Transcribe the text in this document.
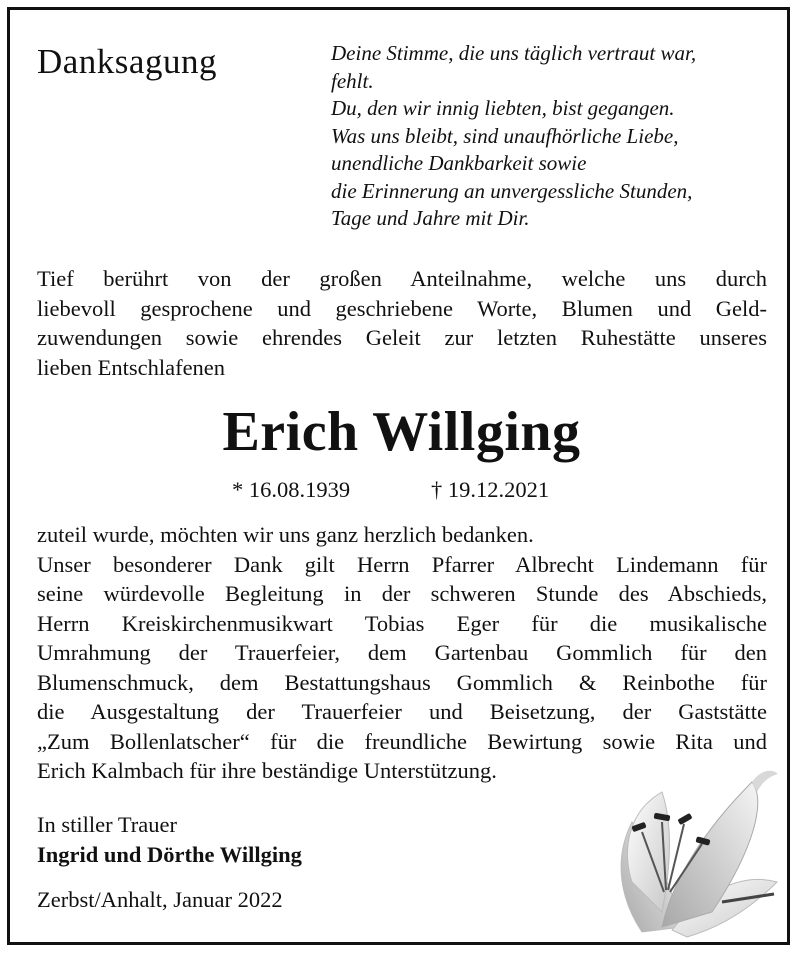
Danksagung	Deine Stimme, die uns täglich vertraut war,
fehlt.
Du, den wir innig liebten, bist gegangen.
Was uns bleibt, sind unaufhörliche Liebe,
unendliche Dankbarkeit sowie
die Erinnerung an unvergessliche Stunden,
Tage und Jahre mit Dir.
Tief berührt von der großen Anteilnahme, welche uns durch
liebevoll gesprochene und geschriebene Worte, Blumen und Geld-
zuwendungen sowie ehrendes Geleit zur letzten Ruhestätte unseres
lieben Entschlafenen
Erich Willging
* 16.08.1939	† 19.12.2021
zuteil wurde, möchten wir uns ganz herzlich bedanken.
Unser besonderer Dank gilt Herrn Pfarrer Albrecht Lindemann für
seine würdevolle Begleitung in der schweren Stunde des Abschieds,
Herrn Kreiskirchenmusikwart Tobias Eger für die musikalische
Umrahmung der Trauerfeier, dem Gartenbau Gommlich für den
Blumenschmuck, dem Bestattungshaus Gommlich & Reinbothe für
die Ausgestaltung der Trauerfeier und Beisetzung, der Gaststätte
„Zum Bollenlatscher“ für die freundliche Bewirtung sowie Rita und
Erich Kalmbach für ihre beständige Unterstützung.
In stiller Trauer
Ingrid und Dörthe Willging
Zerbst/Anhalt, Januar 2022
